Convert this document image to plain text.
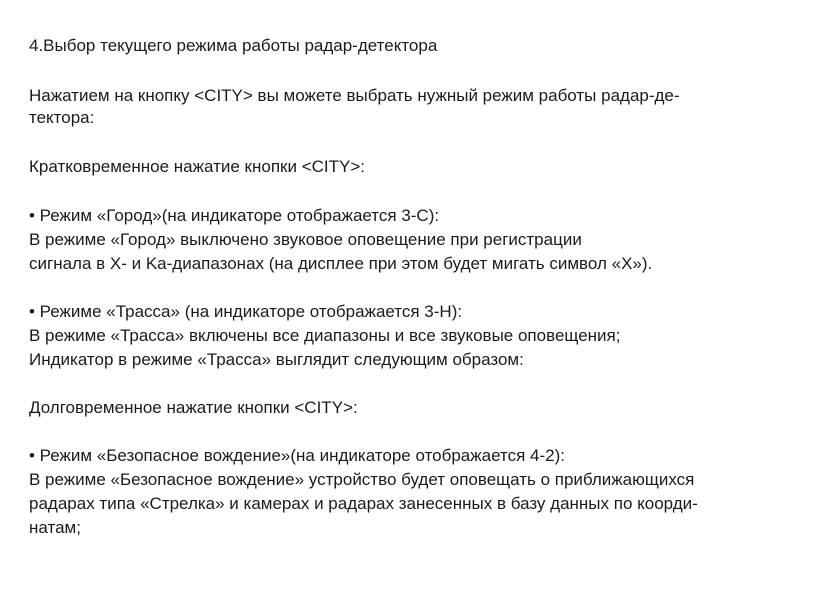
4.Выбор текущего режима работы радар-детектора
Нажатием на кнопку <CITY> вы можете выбрать нужный режим работы радар-де-
тектора:
Кратковременное нажатие кнопки <CITY>:
• Режим «Город»(на индикаторе отображается 3-С):
В режиме «Город» выключено звуковое оповещение при регистрации
сигнала в X- и Ka-диапазонах (на дисплее при этом будет мигать символ «X»).
• Режиме «Трасса» (на индикаторе отображается 3-Н):
В режиме «Трасса» включены все диапазоны и все звуковые оповещения;
Индикатор в режиме «Трасса» выглядит следующим образом:
Долговременное нажатие кнопки <CITY>:
• Режим «Безопасное вождение»(на индикаторе отображается 4-2):
В режиме «Безопасное вождение» устройство будет оповещать о приближающихся
радарах типа «Стрелка» и камерах и радарах занесенных в базу данных по коорди-
натам;
